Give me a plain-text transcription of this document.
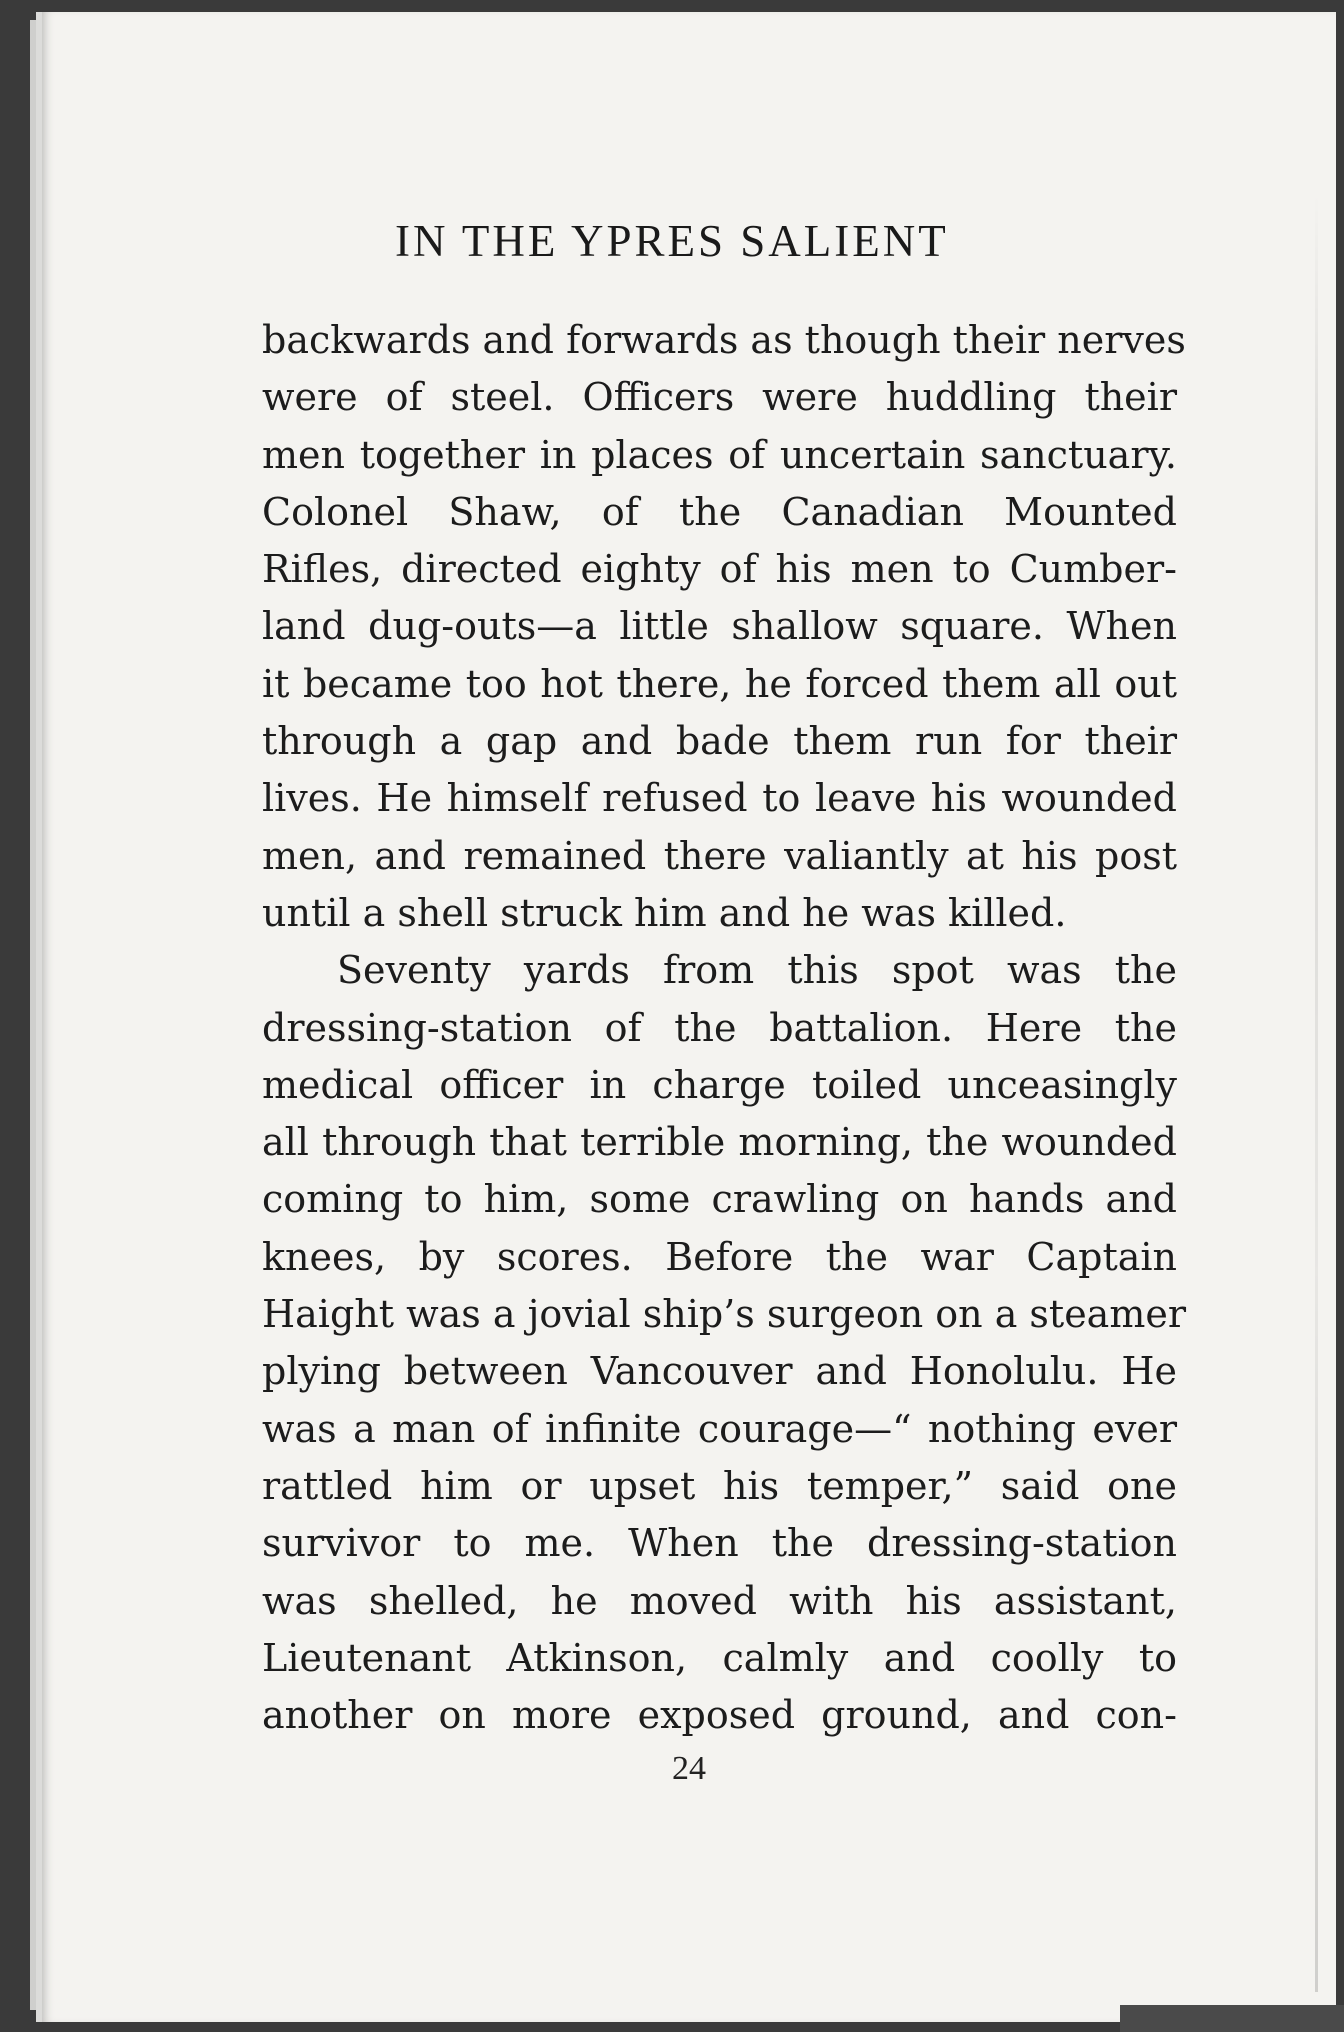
IN THE YPRES SALIENT
backwards and forwards as though their nerves
were of steel. Officers were huddling their
men together in places of uncertain sanctuary.
Colonel Shaw, of the Canadian Mounted
Rifles, directed eighty of his men to Cumber-
land dug-outs—a little shallow square. When
it became too hot there, he forced them all out
through a gap and bade them run for their
lives. He himself refused to leave his wounded
men, and remained there valiantly at his post
until a shell struck him and he was killed.
Seventy yards from this spot was the
dressing-station of the battalion. Here the
medical officer in charge toiled unceasingly
all through that terrible morning, the wounded
coming to him, some crawling on hands and
knees, by scores. Before the war Captain
Haight was a jovial ship’s surgeon on a steamer
plying between Vancouver and Honolulu. He
was a man of infinite courage—“ nothing ever
rattled him or upset his temper,” said one
survivor to me. When the dressing-station
was shelled, he moved with his assistant,
Lieutenant Atkinson, calmly and coolly to
another on more exposed ground, and con-
24
